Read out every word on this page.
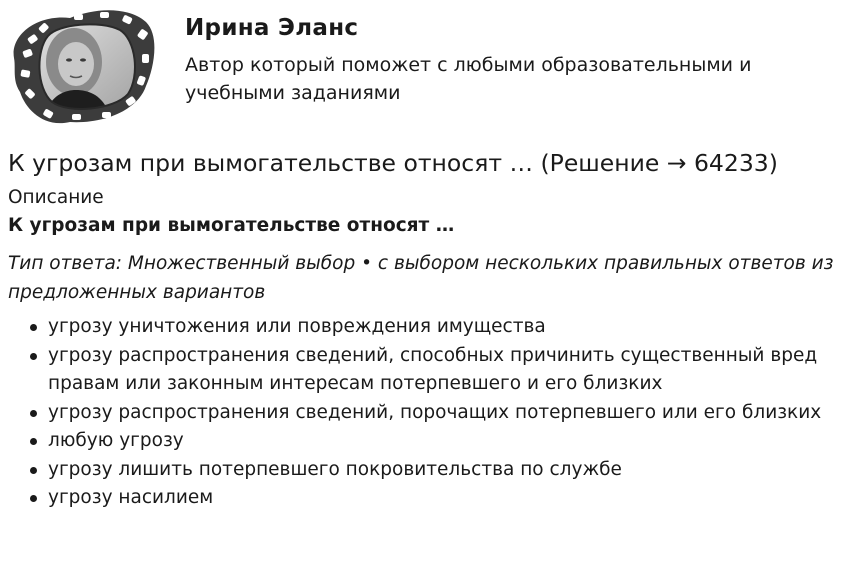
Ирина Эланс
Автор который поможет с любыми образовательными и учебными заданиями
К угрозам при вымогательстве относят … (Решение → 64233)
Описание
К угрозам при вымогательстве относят …
Тип ответа: Множественный выбор • с выбором нескольких правильных ответов из предложенных вариантов
угрозу уничтожения или повреждения имущества
угрозу распространения сведений, способных причинить существенный вред правам или законным интересам потерпевшего и его близких
угрозу распространения сведений, порочащих потерпевшего или его близких
любую угрозу
угрозу лишить потерпевшего покровительства по службе
угрозу насилием
